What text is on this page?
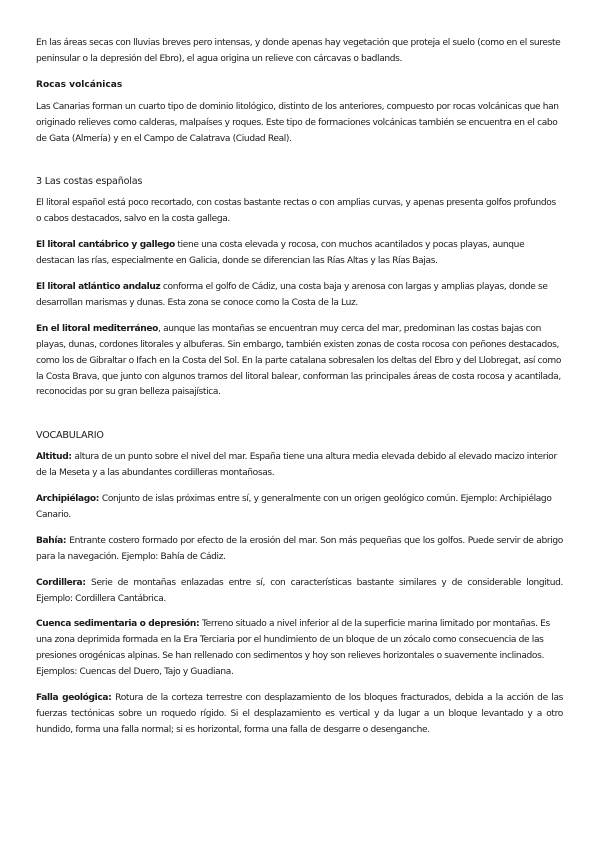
En las áreas secas con lluvias breves pero intensas, y donde apenas hay vegetación que proteja el suelo (como en el sureste peninsular o la depresión del Ebro), el agua origina un relieve con cárcavas o badlands.

Rocas volcánicas

Las Canarias forman un cuarto tipo de dominio litológico, distinto de los anteriores, compuesto por rocas volcánicas que han originado relieves como calderas, malpaíses y roques. Este tipo de formaciones volcánicas también se encuentra en el cabo de Gata (Almería) y en el Campo de Calatrava (Ciudad Real).

3 Las costas españolas

El litoral español está poco recortado, con costas bastante rectas o con amplias curvas, y apenas presenta golfos profundos o cabos destacados, salvo en la costa gallega.

El litoral cantábrico y gallego tiene una costa elevada y rocosa, con muchos acantilados y pocas playas, aunque destacan las rías, especialmente en Galicia, donde se diferencian las Rías Altas y las Rías Bajas.

El litoral atlántico andaluz conforma el golfo de Cádiz, una costa baja y arenosa con largas y amplias playas, donde se desarrollan marismas y dunas. Esta zona se conoce como la Costa de la Luz.

En el litoral mediterráneo, aunque las montañas se encuentran muy cerca del mar, predominan las costas bajas con playas, dunas, cordones litorales y albuferas. Sin embargo, también existen zonas de costa rocosa con peñones destacados, como los de Gibraltar o Ifach en la Costa del Sol. En la parte catalana sobresalen los deltas del Ebro y del Llobregat, así como la Costa Brava, que junto con algunos tramos del litoral balear, conforman las principales áreas de costa rocosa y acantilada, reconocidas por su gran belleza paisajística.

VOCABULARIO

Altitud: altura de un punto sobre el nivel del mar. España tiene una altura media elevada debido al elevado macizo interior de la Meseta y a las abundantes cordilleras montañosas.

Archipiélago: Conjunto de islas próximas entre sí, y generalmente con un origen geológico común. Ejemplo: Archipiélago Canario.

Bahía: Entrante costero formado por efecto de la erosión del mar. Son más pequeñas que los golfos. Puede servir de abrigo para la navegación. Ejemplo: Bahía de Cádiz.

Cordillera: Serie de montañas enlazadas entre sí, con características bastante similares y de considerable longitud. Ejemplo: Cordillera Cantábrica.

Cuenca sedimentaria o depresión: Terreno situado a nivel inferior al de la superficie marina limitado por montañas. Es una zona deprimida formada en la Era Terciaria por el hundimiento de un bloque de un zócalo como consecuencia de las presiones orogénicas alpinas. Se han rellenado con sedimentos y hoy son relieves horizontales o suavemente inclinados. Ejemplos: Cuencas del Duero, Tajo y Guadiana.

Falla geológica: Rotura de la corteza terrestre con desplazamiento de los bloques fracturados, debida a la acción de las fuerzas tectónicas sobre un roquedo rígido. Si el desplazamiento es vertical y da lugar a un bloque levantado y a otro hundido, forma una falla normal; si es horizontal, forma una falla de desgarre o desenganche.
